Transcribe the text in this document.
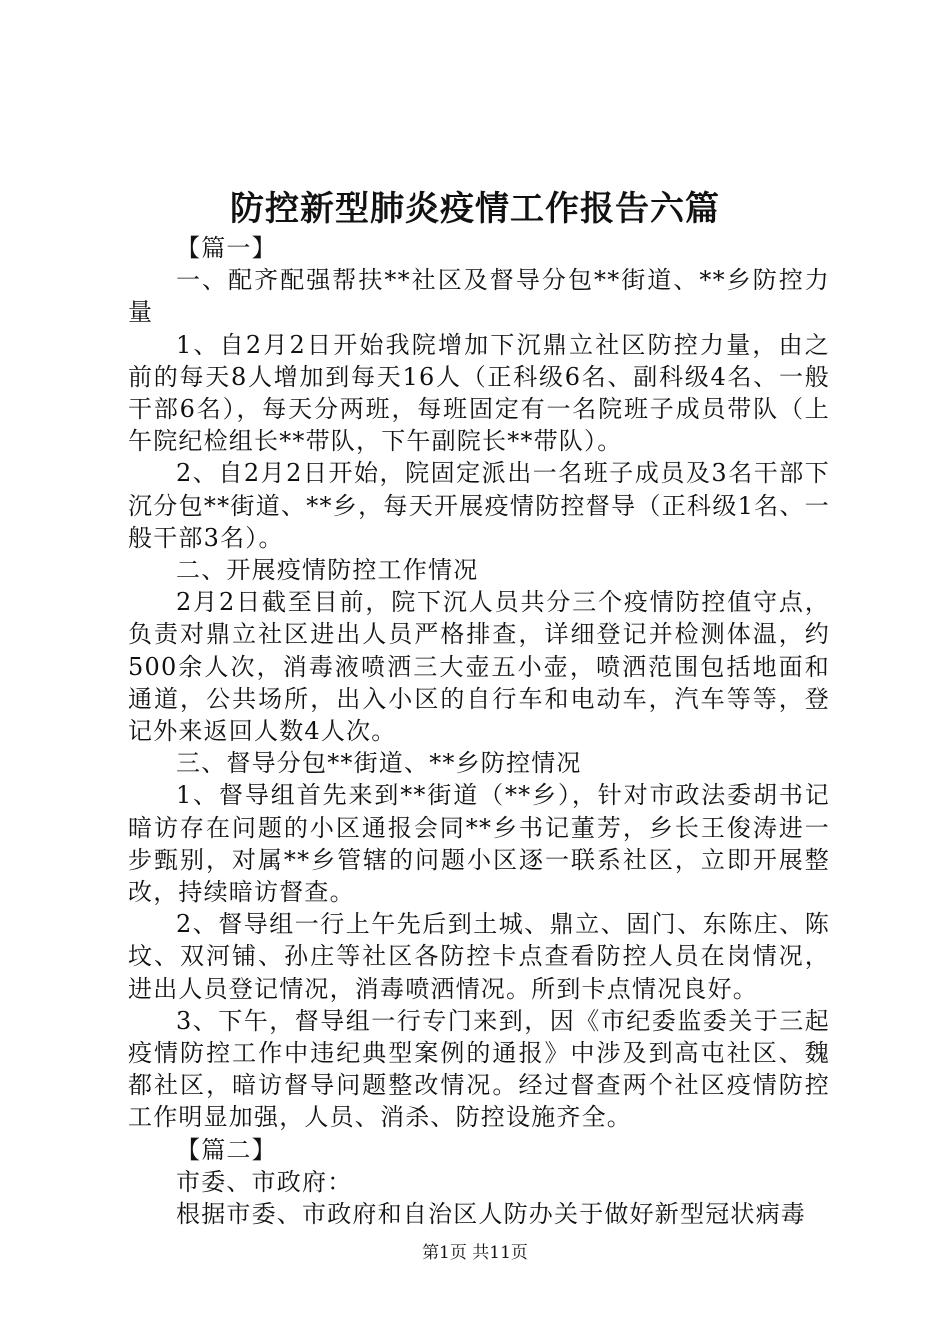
防控新型肺炎疫情工作报告六篇

【篇一】

一、配齐配强帮扶**社区及督导分包**街道、**乡防控力量

1、自2月2日开始我院增加下沉鼎立社区防控力量，由之前的每天8人增加到每天16人（正科级6名、副科级4名、一般干部6名），每天分两班，每班固定有一名院班子成员带队（上午院纪检组长**带队，下午副院长**带队）。

2、自2月2日开始，院固定派出一名班子成员及3名干部下沉分包**街道、**乡，每天开展疫情防控督导（正科级1名、一般干部3名）。

二、开展疫情防控工作情况

2月2日截至目前，院下沉人员共分三个疫情防控值守点，负责对鼎立社区进出人员严格排查，详细登记并检测体温，约500余人次，消毒液喷洒三大壶五小壶，喷洒范围包括地面和通道，公共场所，出入小区的自行车和电动车，汽车等等，登记外来返回人数4人次。

三、督导分包**街道、**乡防控情况

1、督导组首先来到**街道（**乡），针对市政法委胡书记暗访存在问题的小区通报会同**乡书记董芳，乡长王俊涛进一步甄别，对属**乡管辖的问题小区逐一联系社区，立即开展整改，持续暗访督查。

2、督导组一行上午先后到土城、鼎立、固门、东陈庄、陈坟、双河铺、孙庄等社区各防控卡点查看防控人员在岗情况，进出人员登记情况，消毒喷洒情况。所到卡点情况良好。

3、下午，督导组一行专门来到，因《市纪委监委关于三起疫情防控工作中违纪典型案例的通报》中涉及到高屯社区、魏都社区，暗访督导问题整改情况。经过督查两个社区疫情防控工作明显加强，人员、消杀、防控设施齐全。

【篇二】

市委、市政府：

根据市委、市政府和自治区人防办关于做好新型冠状病毒

第1页 共11页
